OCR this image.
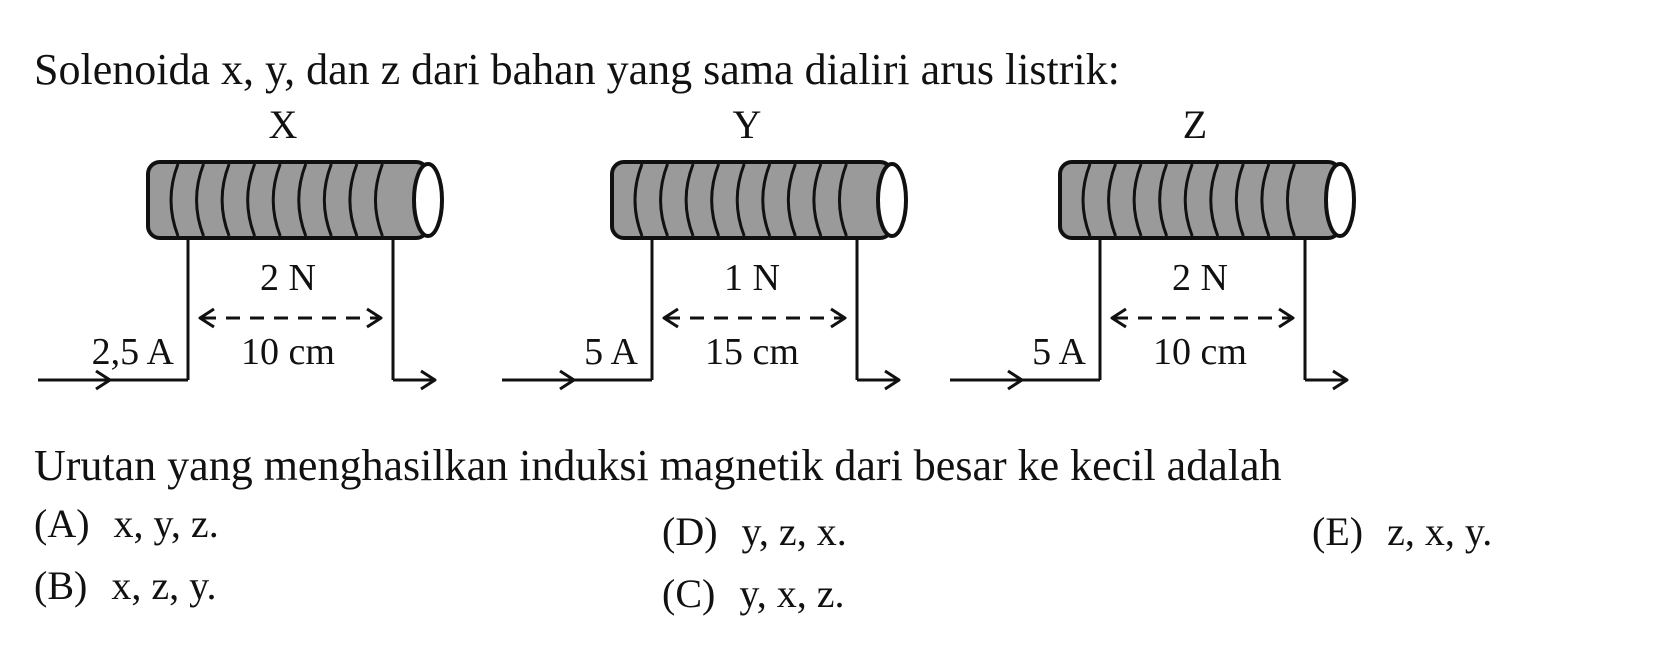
Solenoida x, y, dan z dari bahan yang sama dialiri arus listrik:
X
2 N
10 cm
2,5 A
Y
1 N
15 cm
5 A
Z
2 N
10 cm
5 A
Urutan yang menghasilkan induksi magnetik dari besar ke kecil adalah
(A) x, y, z.
(B) x, z, y.
(D) y, z, x.
(C) y, x, z.
(E) z, x, y.
